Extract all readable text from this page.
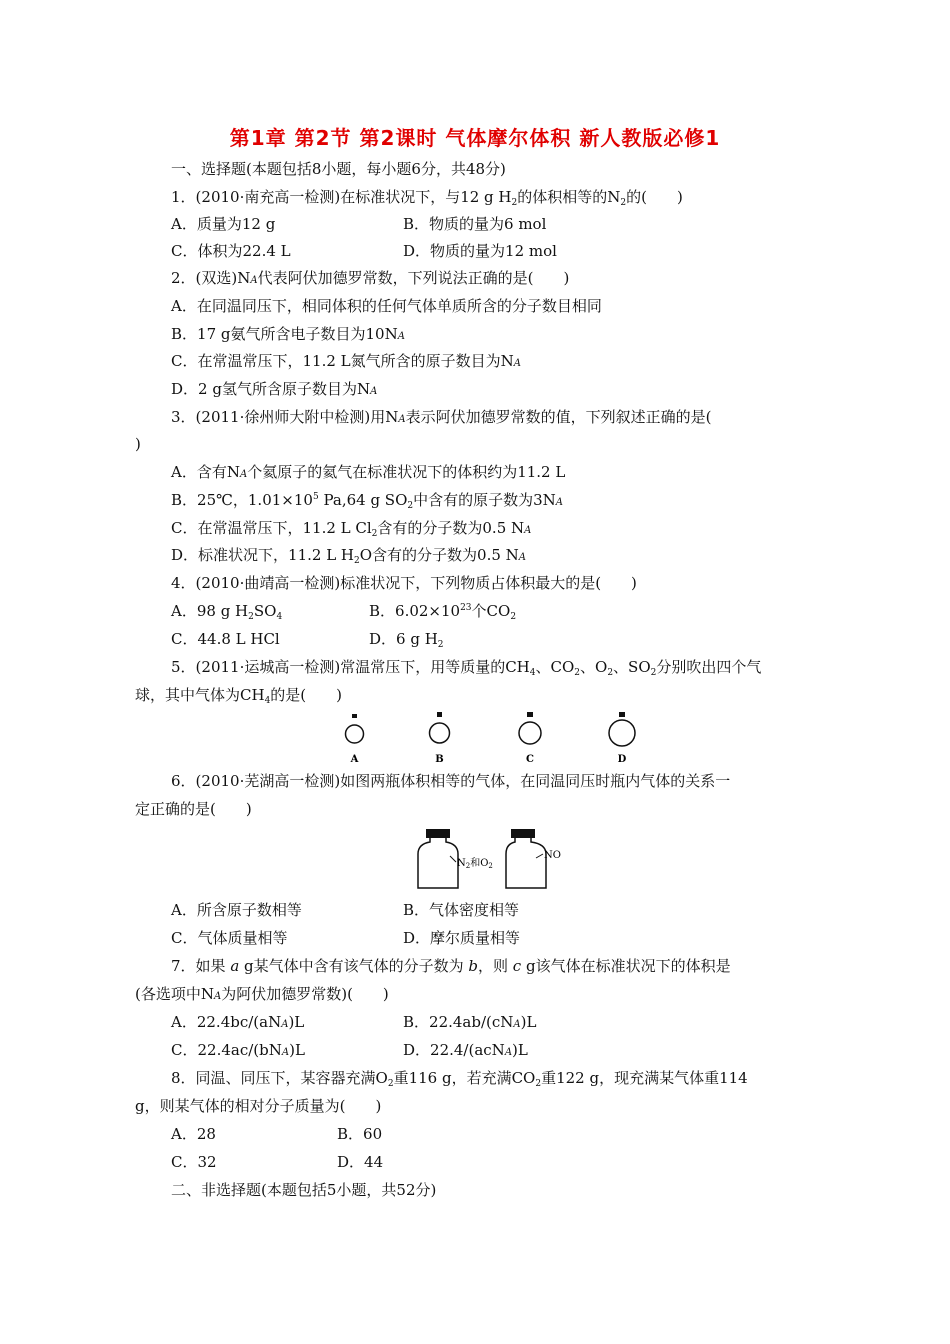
第1章 第2节 第2课时 气体摩尔体积 新人教版必修1
一、选择题(本题包括8小题，每小题6分，共48分)
1．(2010·南充高一检测)在标准状况下，与12 g $H_2$的体积相等的$N_2$的(　　)
A．质量为12 g	B．物质的量为6 mol
C．体积为22.4 L	D．物质的量为12 mol
2．(双选)NA代表阿伏加德罗常数，下列说法正确的是(　　)
A．在同温同压下，相同体积的任何气体单质所含的分子数目相同
B．17 g氨气所含电子数目为10NA
C．在常温常压下，11.2 L氮气所含的原子数目为NA
D．2 g氢气所含原子数目为NA
3．(2011·徐州师大附中检测)用NA表示阿伏加德罗常数的值，下列叙述正确的是(
)
A．含有NA个氦原子的氦气在标准状况下的体积约为11.2 L
B．25℃，$1.01\times 10^5$ Pa,64 g $SO_2$中含有的原子数为3NA
C．在常温常压下，11.2 L $Cl_2$含有的分子数为0.5 NA
D．标准状况下，11.2 L $H_2O$含有的分子数为0.5 NA
4．(2010·曲靖高一检测)标准状况下，下列物质占体积最大的是(　　)
A．98 g $H_2SO_4$	B．$6.02\times 10^{23}$个$CO_2$
C．44.8 L HCl	D．6 g $H_2$
5．(2011·运城高一检测)常温常压下，用等质量的$CH_4$、$CO_2$、$O_2$、$SO_2$分别吹出四个气
球，其中气体为$CH_4$的是(　　)
A	B	C	D
6．(2010·芜湖高一检测)如图两瓶体积相等的气体，在同温同压时瓶内气体的关系一
定正确的是(　　)
$N_2$和$O_2$
NO
A．所含原子数相等	B．气体密度相等
C．气体质量相等	D．摩尔质量相等
7．如果 a g某气体中含有该气体的分子数为 b，则 c g该气体在标准状况下的体积是
(各选项中NA为阿伏加德罗常数)(　　)
A．22.4bc/(aNA)L	B．22.4ab/(cNA)L
C．22.4ac/(bNA)L	D．22.4/(acNA)L
8．同温、同压下，某容器充满$O_2$重116 g，若充满$CO_2$重122 g，现充满某气体重114
g，则某气体的相对分子质量为(　　)
A．28	B．60
C．32	D．44
二、非选择题(本题包括5小题，共52分)
